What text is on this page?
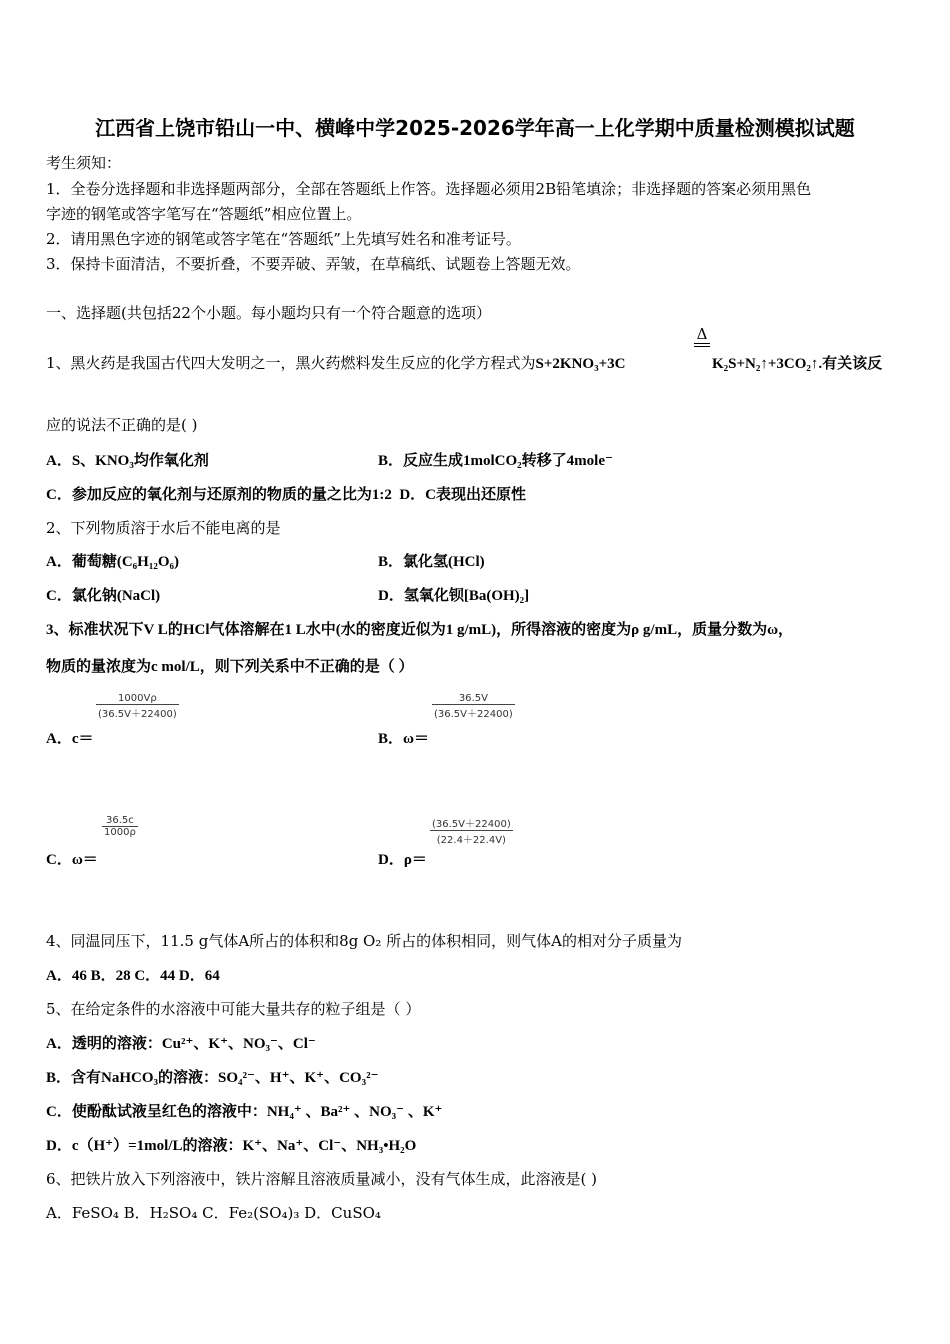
江西省上饶市铅山一中、横峰中学2025-2026学年高一上化学期中质量检测模拟试题
考生须知：
1．全卷分选择题和非选择题两部分，全部在答题纸上作答。选择题必须用2B铅笔填涂；非选择题的答案必须用黑色
字迹的钢笔或答字笔写在“答题纸”相应位置上。
2．请用黑色字迹的钢笔或答字笔在“答题纸”上先填写姓名和准考证号。
3．保持卡面清洁，不要折叠，不要弄破、弄皱，在草稿纸、试题卷上答题无效。
一、选择题(共包括22个小题。每小题均只有一个符合题意的选项）
1、黑火药是我国古代四大发明之一，黑火药燃料发生反应的化学方程式为S+2KNO₃+3C
Δ
K₂S+N₂↑+3CO₂↑.有关该反
应的说法不正确的是( )
A．S、KNO₃均作氧化剂	B．反应生成1molCO₂转移了4mole⁻
C．参加反应的氧化剂与还原剂的物质的量之比为1:2 D．C表现出还原性
2、下列物质溶于水后不能电离的是
A．葡萄糖(C₆H₁₂O₆)	B．氯化氢(HCl)
C．氯化钠(NaCl)	D．氢氧化钡[Ba(OH)₂]
3、标准状况下V L的HCl气体溶解在1 L水中(水的密度近似为1 g/mL)，所得溶液的密度为ρ g/mL，质量分数为ω，
物质的量浓度为c mol/L，则下列关系中不正确的是（ ）
$\frac{1000V\rho}{(36.5V+22400)}$
A．c＝
$\frac{36.5V}{(36.5V+22400)}$
B．ω＝
$\frac{36.5c}{1000\rho}$
C．ω＝
$\frac{(36.5V+22400)}{(22.4+22.4V)}$
D．ρ＝
4、同温同压下，11.5 g气体A所占的体积和8g O₂ 所占的体积相同，则气体A的相对分子质量为
A．46 B．28 C．44 D．64
5、在给定条件的水溶液中可能大量共存的粒子组是（ ）
A．透明的溶液：Cu²⁺、K⁺、NO₃⁻、Cl⁻
B．含有NaHCO₃的溶液：SO₄²⁻、H⁺、K⁺、CO₃²⁻
C．使酚酞试液呈红色的溶液中：NH₄⁺ 、Ba²⁺ 、NO₃⁻ 、K⁺
D．c（H⁺）=1mol/L的溶液：K⁺、Na⁺、Cl⁻、NH₃•H₂O
6、把铁片放入下列溶液中，铁片溶解且溶液质量减小，没有气体生成，此溶液是( )
A．FeSO₄ B．H₂SO₄ C．Fe₂(SO₄)₃ D．CuSO₄
